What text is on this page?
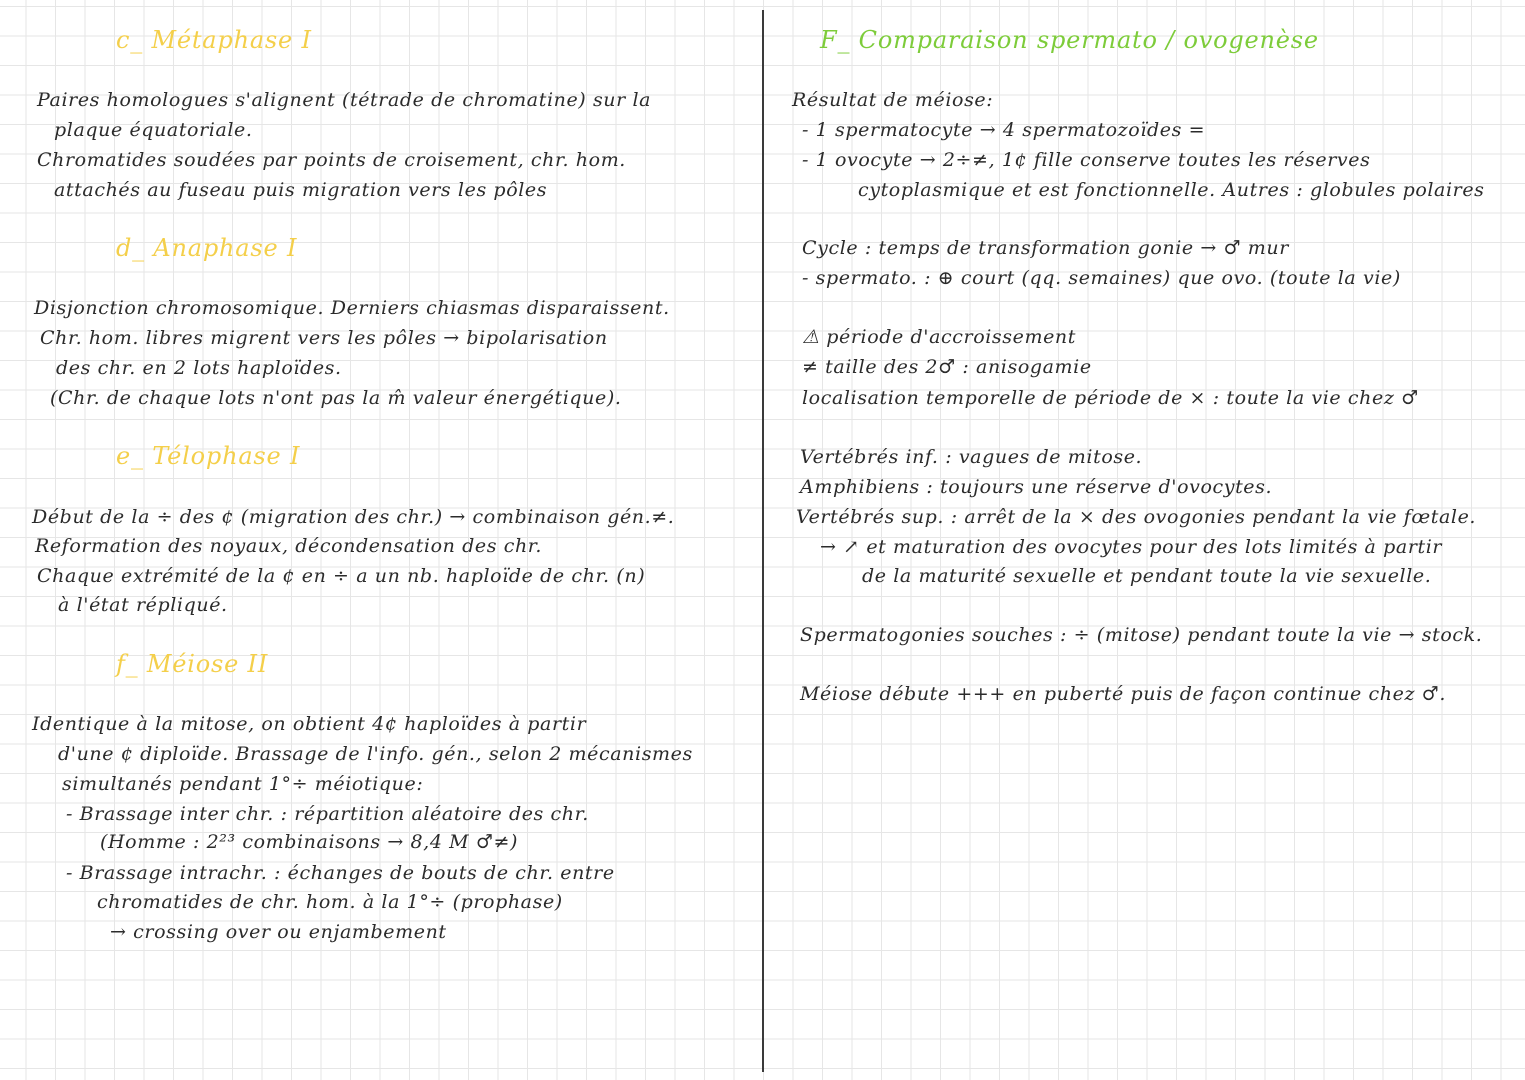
c_ Métaphase I
Paires homologues s'alignent (tétrade de chromatine) sur la
plaque équatoriale.
Chromatides soudées par points de croisement, chr. hom.
attachés au fuseau puis migration vers les pôles
d_ Anaphase I
Disjonction chromosomique. Derniers chiasmas disparaissent.
Chr. hom. libres migrent vers les pôles → bipolarisation
des chr. en 2 lots haploïdes.
(Chr. de chaque lots n'ont pas la m̂ valeur énergétique).
e_ Télophase I
Début de la ÷ des ¢ (migration des chr.) → combinaison gén.≠.
Reformation des noyaux, décondensation des chr.
Chaque extrémité de la ¢ en ÷ a un nb. haploïde de chr. (n)
à l'état répliqué.
f_ Méiose II
Identique à la mitose, on obtient 4¢ haploïdes à partir
d'une ¢ diploïde. Brassage de l'info. gén., selon 2 mécanismes
simultanés pendant 1°÷ méiotique:
- Brassage inter chr. : répartition aléatoire des chr.
(Homme : 2²³ combinaisons → 8,4 M ♂≠)
- Brassage intrachr. : échanges de bouts de chr. entre
chromatides de chr. hom. à la 1°÷ (prophase)
→ crossing over ou enjambement
F_ Comparaison spermato / ovogenèse
Résultat de méiose:
- 1 spermatocyte → 4 spermatozoïdes =
- 1 ovocyte → 2÷≠, 1¢ fille conserve toutes les réserves
cytoplasmique et est fonctionnelle. Autres : globules polaires
Cycle : temps de transformation gonie → ♂ mur
- spermato. : ⊕ court (qq. semaines) que ovo. (toute la vie)
⚠ période d'accroissement
≠ taille des 2♂ : anisogamie
localisation temporelle de période de × : toute la vie chez ♂
Vertébrés inf. : vagues de mitose.
Amphibiens : toujours une réserve d'ovocytes.
Vertébrés sup. : arrêt de la × des ovogonies pendant la vie fœtale.
→ ↗ et maturation des ovocytes pour des lots limités à partir
de la maturité sexuelle et pendant toute la vie sexuelle.
Spermatogonies souches : ÷ (mitose) pendant toute la vie → stock.
Méiose débute +++ en puberté puis de façon continue chez ♂.
